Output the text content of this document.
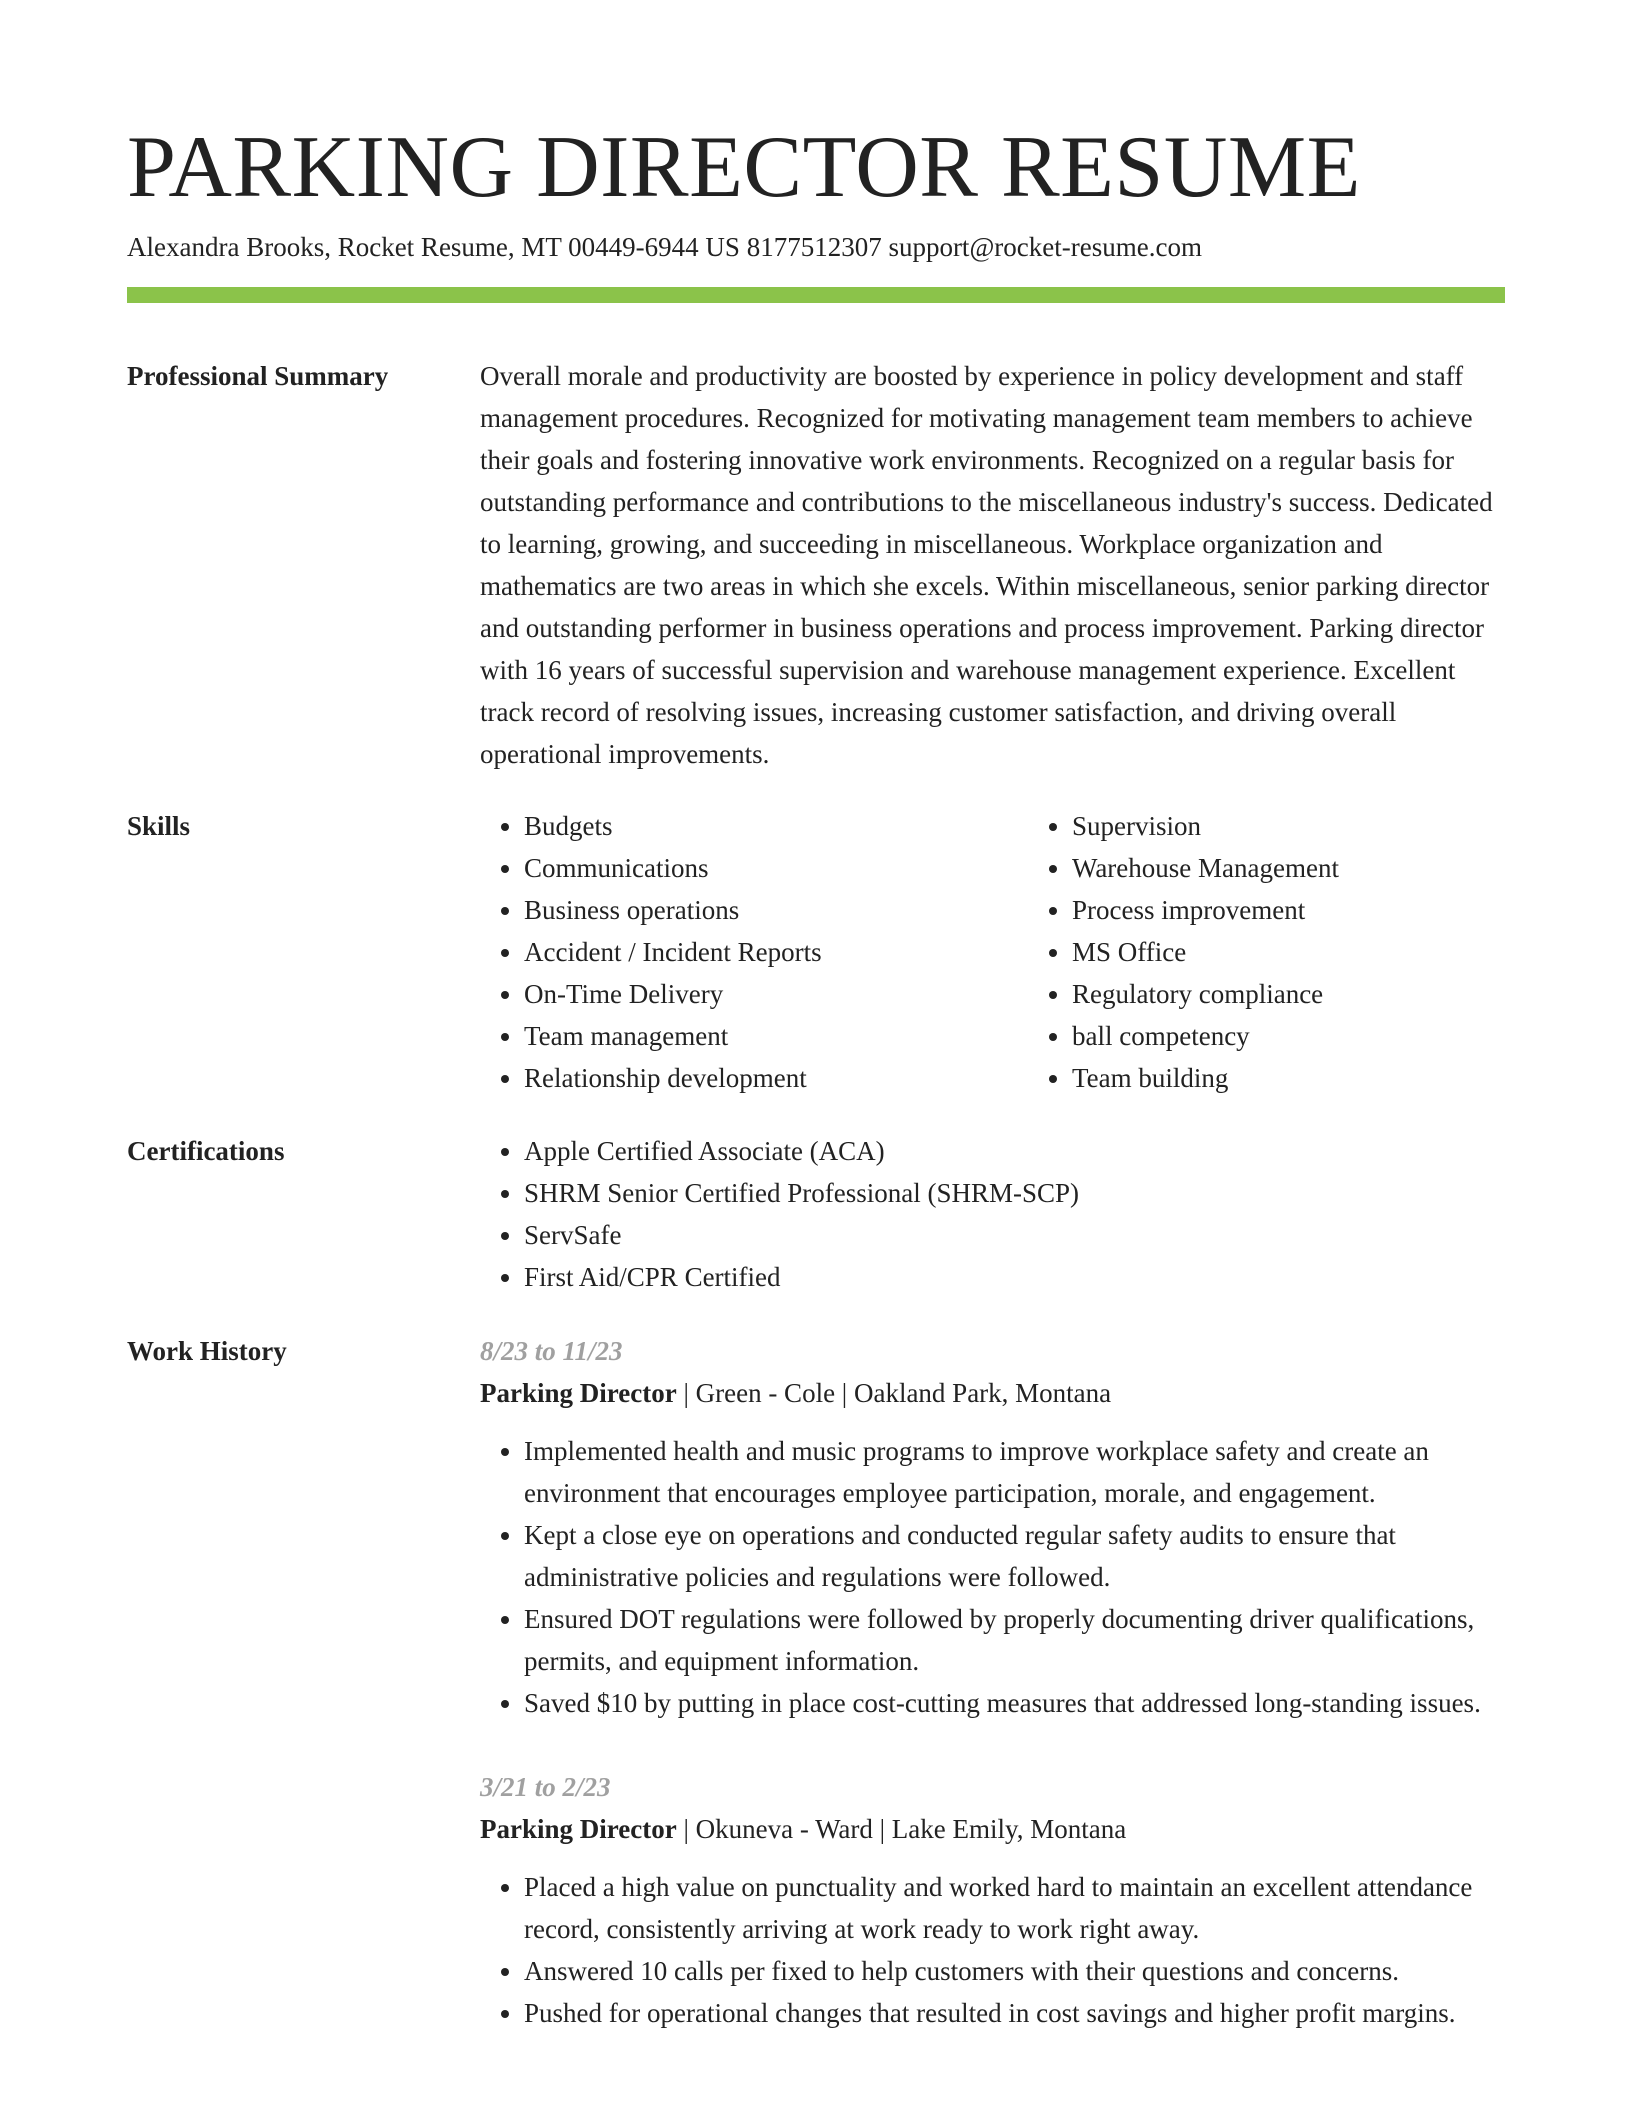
PARKING DIRECTOR RESUME
Alexandra Brooks, Rocket Resume, MT 00449-6944 US 8177512307 support@rocket-resume.com
Professional Summary	Overall morale and productivity are boosted by experience in policy development and staff management procedures. Recognized for motivating management team members to achieve their goals and fostering innovative work environments. Recognized on a regular basis for outstanding performance and contributions to the miscellaneous industry's success. Dedicated to learning, growing, and succeeding in miscellaneous. Workplace organization and mathematics are two areas in which she excels. Within miscellaneous, senior parking director and outstanding performer in business operations and process improvement. Parking director with 16 years of successful supervision and warehouse management experience. Excellent track record of resolving issues, increasing customer satisfaction, and driving overall operational improvements.

Skills	• Budgets
• Communications
• Business operations
• Accident / Incident Reports
• On-Time Delivery
• Team management
• Relationship development
• Supervision
• Warehouse Management
• Process improvement
• MS Office
• Regulatory compliance
• ball competency
• Team building
Certifications	• Apple Certified Associate (ACA)
• SHRM Senior Certified Professional (SHRM-SCP)
• ServSafe
• First Aid/CPR Certified
Work History	8/23 to 11/23
Parking Director | Green - Cole | Oakland Park, Montana
• Implemented health and music programs to improve workplace safety and create an environment that encourages employee participation, morale, and engagement.
• Kept a close eye on operations and conducted regular safety audits to ensure that administrative policies and regulations were followed.
• Ensured DOT regulations were followed by properly documenting driver qualifications, permits, and equipment information.
• Saved $10 by putting in place cost-cutting measures that addressed long-standing issues.
3/21 to 2/23
Parking Director | Okuneva - Ward | Lake Emily, Montana
• Placed a high value on punctuality and worked hard to maintain an excellent attendance record, consistently arriving at work ready to work right away.
• Answered 10 calls per fixed to help customers with their questions and concerns.
• Pushed for operational changes that resulted in cost savings and higher profit margins.
